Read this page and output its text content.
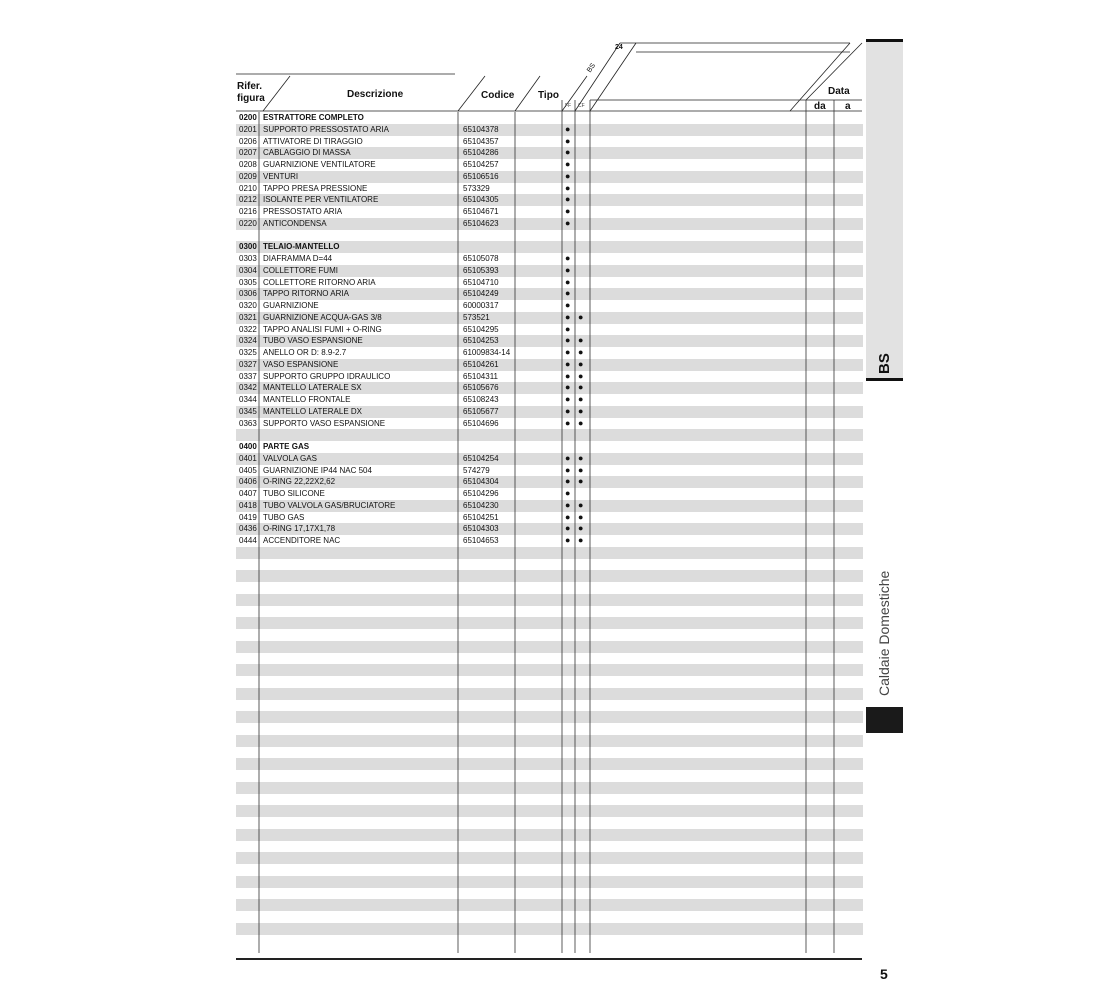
Rifer. figura	Descrizione	Codice Tipo
24
BS
FF CF
Data
da a
0200 ESTRATTORE COMPLETO
0201 SUPPORTO PRESSOSTATO ARIA	65104378	●
0206 ATTIVATORE DI TIRAGGIO	65104357	●
0207 CABLAGGIO DI MASSA	65104286	●
0208 GUARNIZIONE VENTILATORE	65104257	●
0209 VENTURI	65106516	●
0210 TAPPO PRESA PRESSIONE	573329	●
0212 ISOLANTE PER VENTILATORE	65104305	●
0216 PRESSOSTATO ARIA	65104671	●
0220 ANTICONDENSA	65104623	●
0300 TELAIO-MANTELLO
0303 DIAFRAMMA D=44	65105078	●
0304 COLLETTORE FUMI	65105393	●
0305 COLLETTORE RITORNO ARIA	65104710	●
0306 TAPPO RITORNO ARIA	65104249	●
0320 GUARNIZIONE	60000317	●
0321 GUARNIZIONE ACQUA-GAS 3/8	573521	● ●
0322 TAPPO ANALISI FUMI + O-RING	65104295	●
0324 TUBO VASO ESPANSIONE	65104253	● ●
0325 ANELLO OR D: 8.9-2.7	61009834-14	● ●
0327 VASO ESPANSIONE	65104261	● ●
0337 SUPPORTO GRUPPO IDRAULICO	65104311	● ●
0342 MANTELLO LATERALE SX	65105676	● ●
0344 MANTELLO FRONTALE	65108243	● ●
0345 MANTELLO LATERALE DX	65105677	● ●
0363 SUPPORTO VASO ESPANSIONE	65104696	● ●
0400 PARTE GAS
0401 VALVOLA GAS	65104254	● ●
0405 GUARNIZIONE IP44 NAC 504	574279	● ●
0406 O-RING 22,22X2,62	65104304	● ●
0407 TUBO SILICONE	65104296	●
0418 TUBO VALVOLA GAS/BRUCIATORE	65104230	● ●
0419 TUBO GAS	65104251	● ●
0436 O-RING 17,17X1,78	65104303	● ●
0444 ACCENDITORE NAC	65104653	● ●
BS
Caldaie Domestiche
5
